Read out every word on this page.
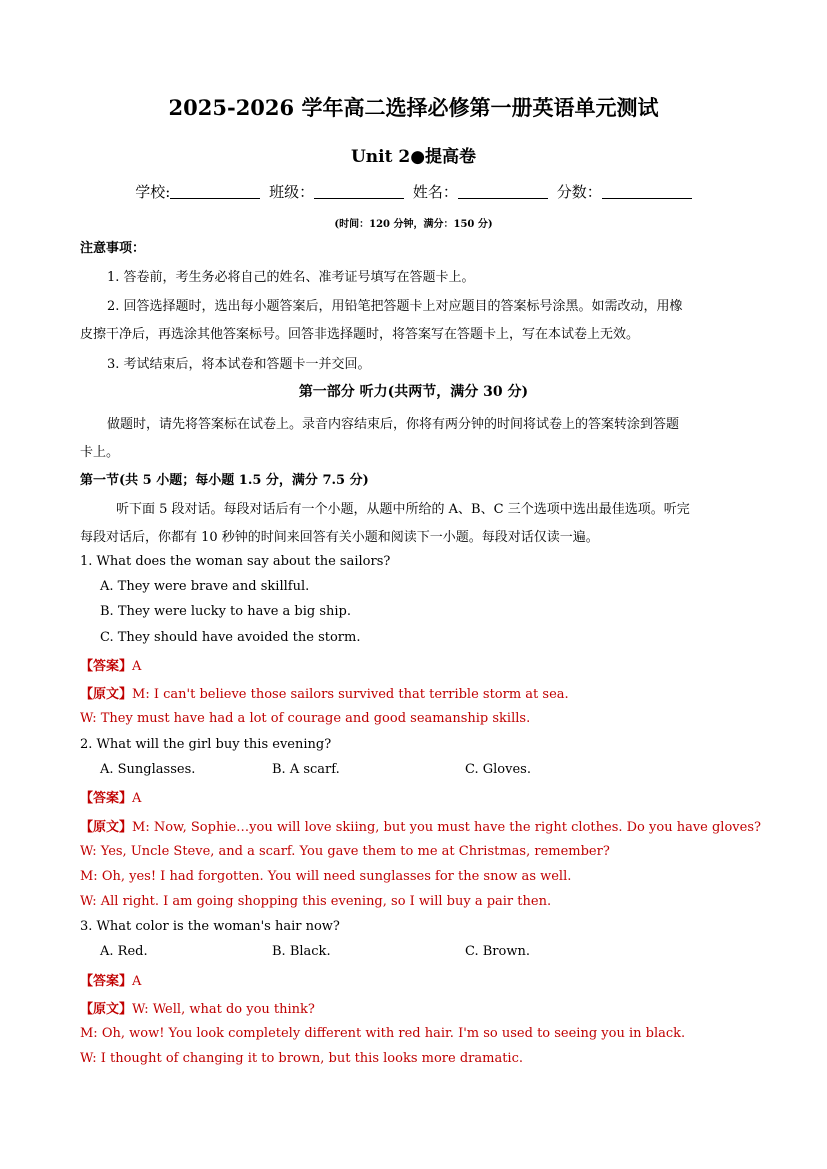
2025-2026 学年高二选择必修第一册英语单元测试
Unit 2●提高卷
学校:	班级：	姓名：	分数：
(时间：120 分钟，满分：150 分)
注意事项：
1. 答卷前，考生务必将自己的姓名、准考证号填写在答题卡上。
2. 回答选择题时，选出每小题答案后，用铅笔把答题卡上对应题目的答案标号涂黑。如需改动，用橡
皮擦干净后，再选涂其他答案标号。回答非选择题时，将答案写在答题卡上，写在本试卷上无效。
3. 考试结束后，将本试卷和答题卡一并交回。
第一部分 听力(共两节，满分 30 分)
做题时，请先将答案标在试卷上。录音内容结束后，你将有两分钟的时间将试卷上的答案转涂到答题
卡上。
第一节(共 5 小题；每小题 1.5 分，满分 7.5 分)
听下面 5 段对话。每段对话后有一个小题，从题中所给的 A、B、C 三个选项中选出最佳选项。听完
每段对话后，你都有 10 秒钟的时间来回答有关小题和阅读下一小题。每段对话仅读一遍。
1. What does the woman say about the sailors?
A. They were brave and skillful.
B. They were lucky to have a big ship.
C. They should have avoided the storm.
【答案】A
【原文】M: I can't believe those sailors survived that terrible storm at sea.
W: They must have had a lot of courage and good seamanship skills.
2. What will the girl buy this evening?
A. Sunglasses.	B. A scarf.	C. Gloves.
【答案】A
【原文】M: Now, Sophie…you will love skiing, but you must have the right clothes. Do you have gloves?
W: Yes, Uncle Steve, and a scarf. You gave them to me at Christmas, remember?
M: Oh, yes! I had forgotten. You will need sunglasses for the snow as well.
W: All right. I am going shopping this evening, so I will buy a pair then.
3. What color is the woman's hair now?
A. Red.	B. Black.	C. Brown.
【答案】A
【原文】W: Well, what do you think?
M: Oh, wow! You look completely different with red hair. I'm so used to seeing you in black.
W: I thought of changing it to brown, but this looks more dramatic.
